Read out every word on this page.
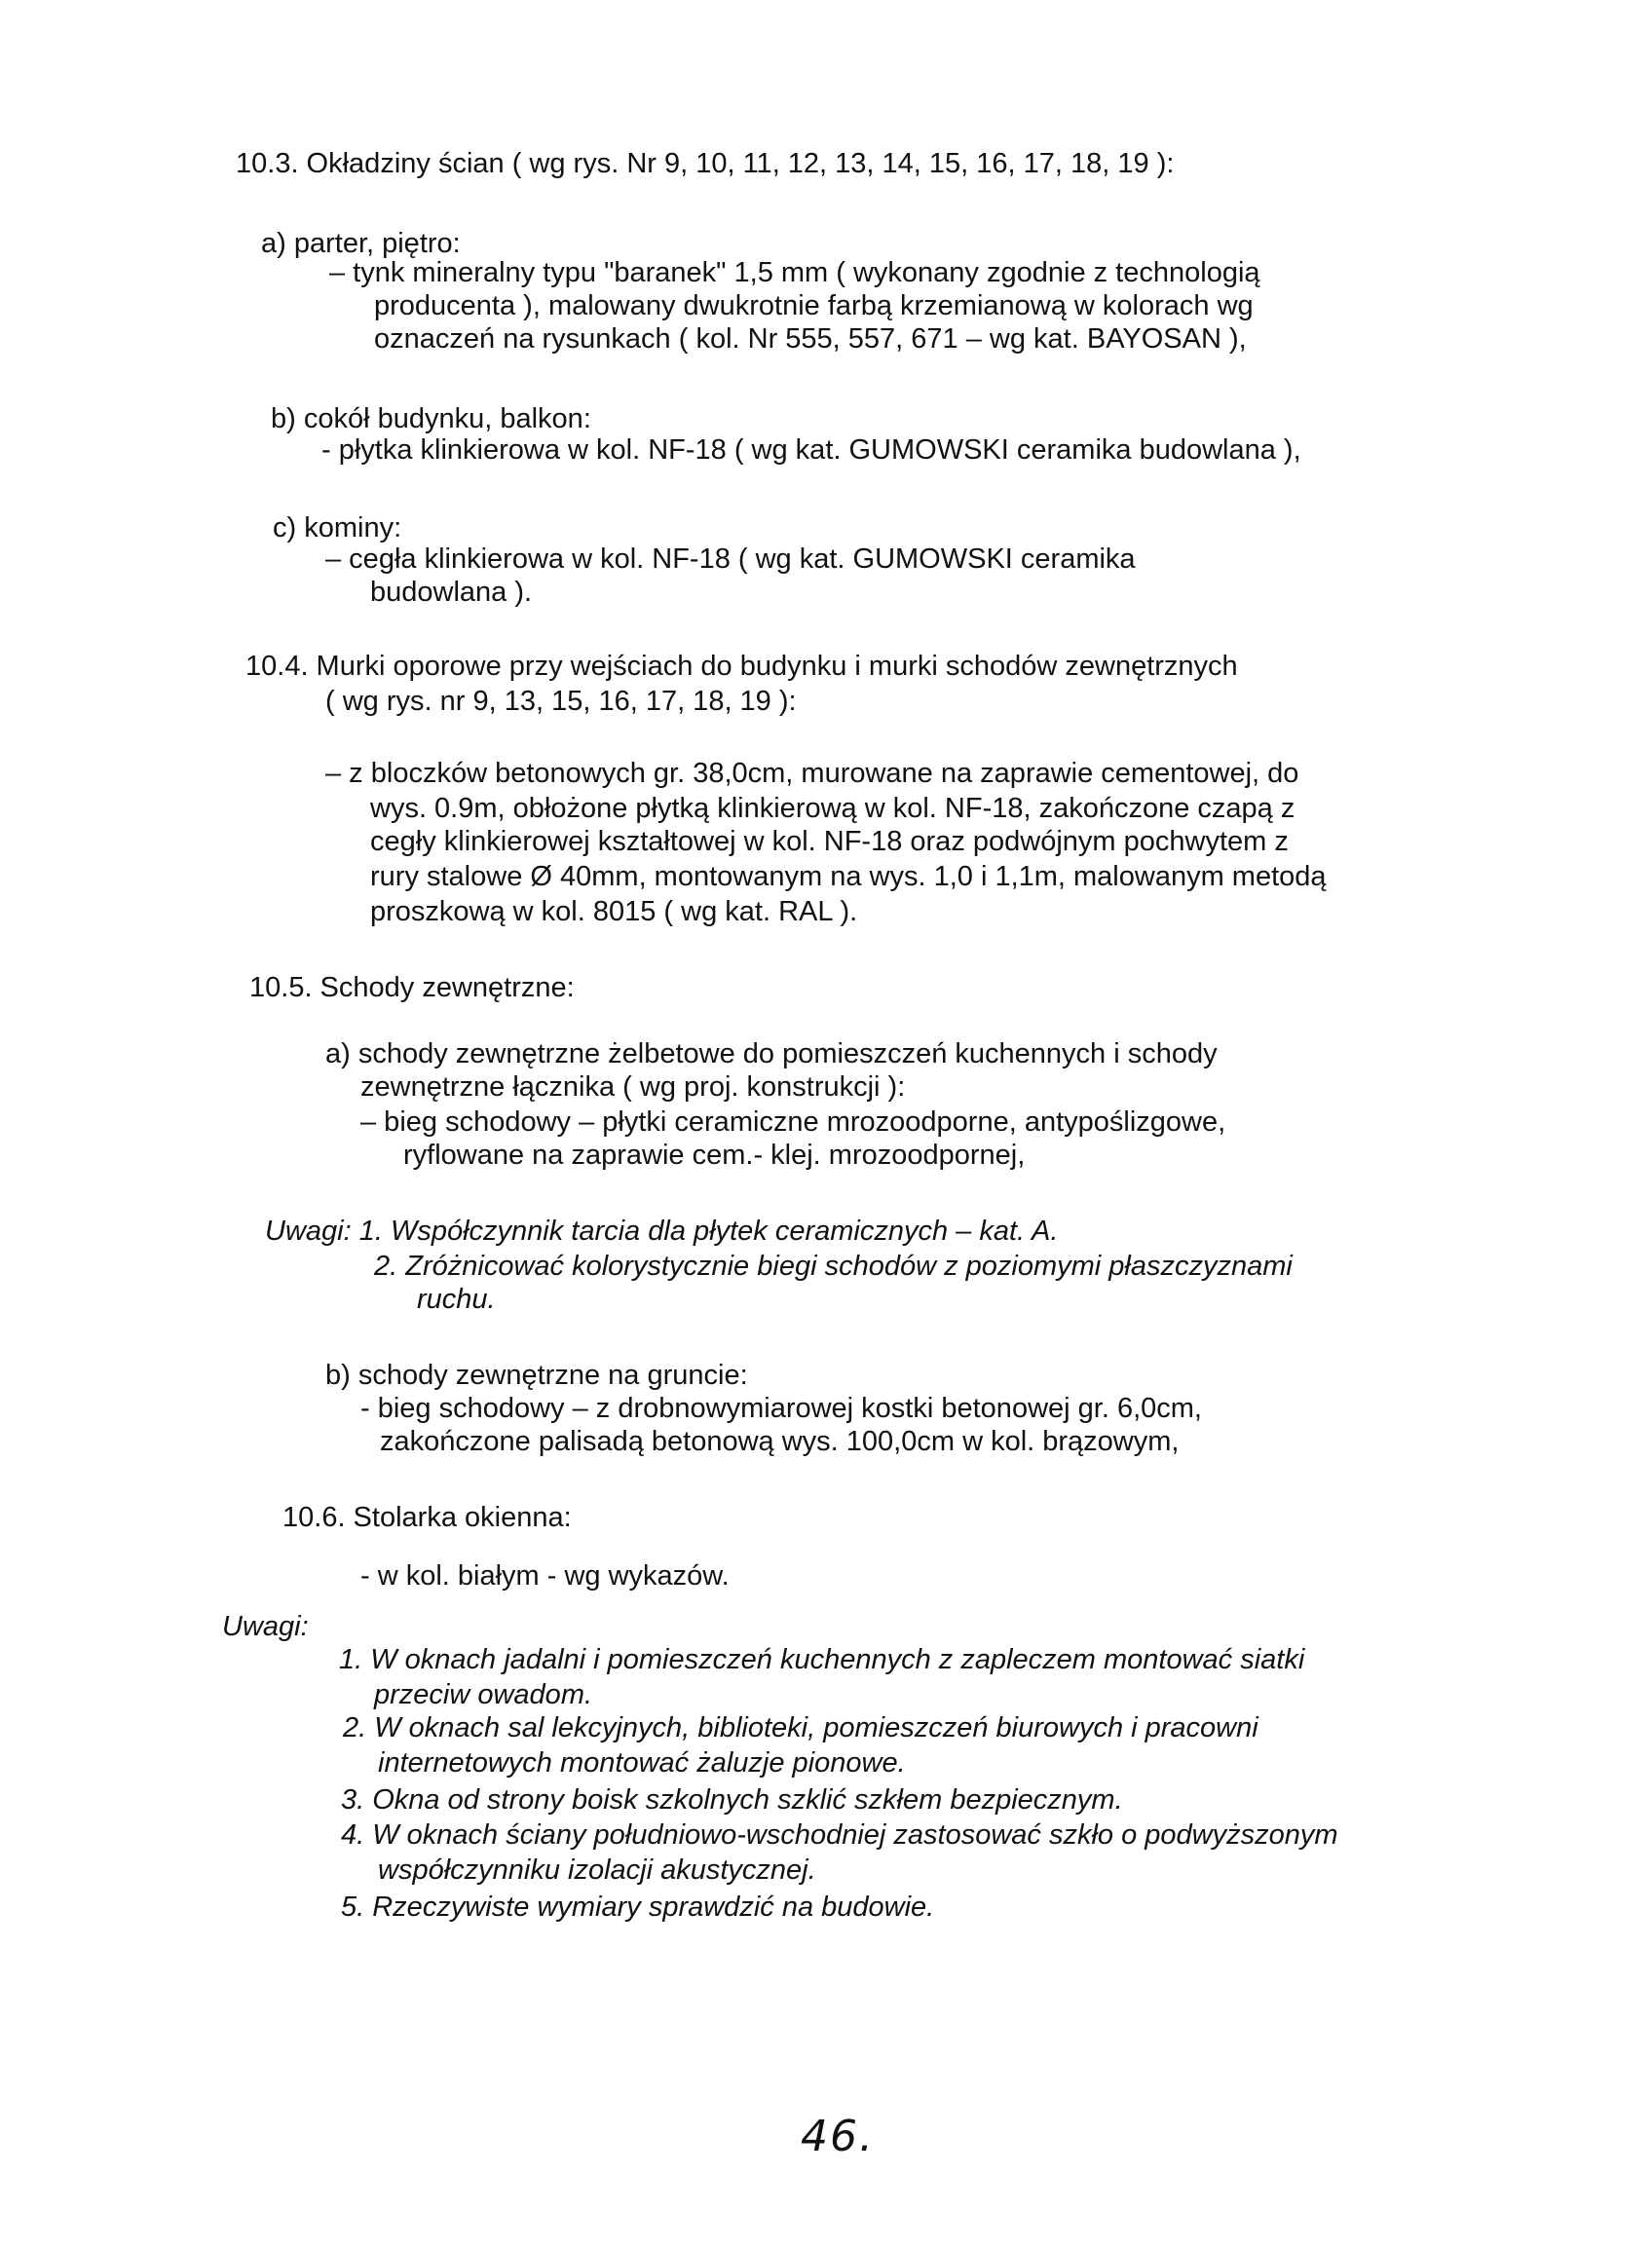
10.3. Okładziny ścian ( wg rys. Nr 9, 10, 11, 12, 13, 14, 15, 16, 17, 18, 19 ):
a) parter, piętro:
– tynk mineralny typu "baranek" 1,5 mm ( wykonany zgodnie z technologią
producenta ), malowany dwukrotnie farbą krzemianową w kolorach wg
oznaczeń na rysunkach ( kol. Nr 555, 557, 671 – wg kat. BAYOSAN ),
b) cokół budynku, balkon:
- płytka klinkierowa w kol. NF-18 ( wg kat. GUMOWSKI ceramika budowlana ),
c) kominy:
– cegła klinkierowa w kol. NF-18 ( wg kat. GUMOWSKI ceramika
budowlana ).
10.4. Murki oporowe przy wejściach do budynku i murki schodów zewnętrznych
( wg rys. nr 9, 13, 15, 16, 17, 18, 19 ):
– z bloczków betonowych gr. 38,0cm, murowane na zaprawie cementowej, do
wys. 0.9m, obłożone płytką klinkierową w kol. NF-18, zakończone czapą z
cegły klinkierowej kształtowej w kol. NF-18 oraz podwójnym pochwytem z
rury stalowe Ø 40mm, montowanym na wys. 1,0 i 1,1m, malowanym metodą
proszkową w kol. 8015 ( wg kat. RAL ).
10.5. Schody zewnętrzne:
a) schody zewnętrzne żelbetowe do pomieszczeń kuchennych i schody
zewnętrzne łącznika ( wg proj. konstrukcji ):
– bieg schodowy – płytki ceramiczne mrozoodporne, antypoślizgowe,
ryflowane na zaprawie cem.- klej. mrozoodpornej,
Uwagi: 1. Współczynnik tarcia dla płytek ceramicznych – kat. A.
2. Zróżnicować kolorystycznie biegi schodów z poziomymi płaszczyznami
ruchu.
b) schody zewnętrzne na gruncie:
- bieg schodowy – z drobnowymiarowej kostki betonowej gr. 6,0cm,
zakończone palisadą betonową wys. 100,0cm w kol. brązowym,
10.6. Stolarka okienna:
- w kol. białym - wg wykazów.
Uwagi:
1. W oknach jadalni i pomieszczeń kuchennych z zapleczem montować siatki
przeciw owadom.
2. W oknach sal lekcyjnych, biblioteki, pomieszczeń biurowych i pracowni
internetowych montować żaluzje pionowe.
3. Okna od strony boisk szkolnych szklić szkłem bezpiecznym.
4. W oknach ściany południowo-wschodniej zastosować szkło o podwyższonym
współczynniku izolacji akustycznej.
5. Rzeczywiste wymiary sprawdzić na budowie.
46.
